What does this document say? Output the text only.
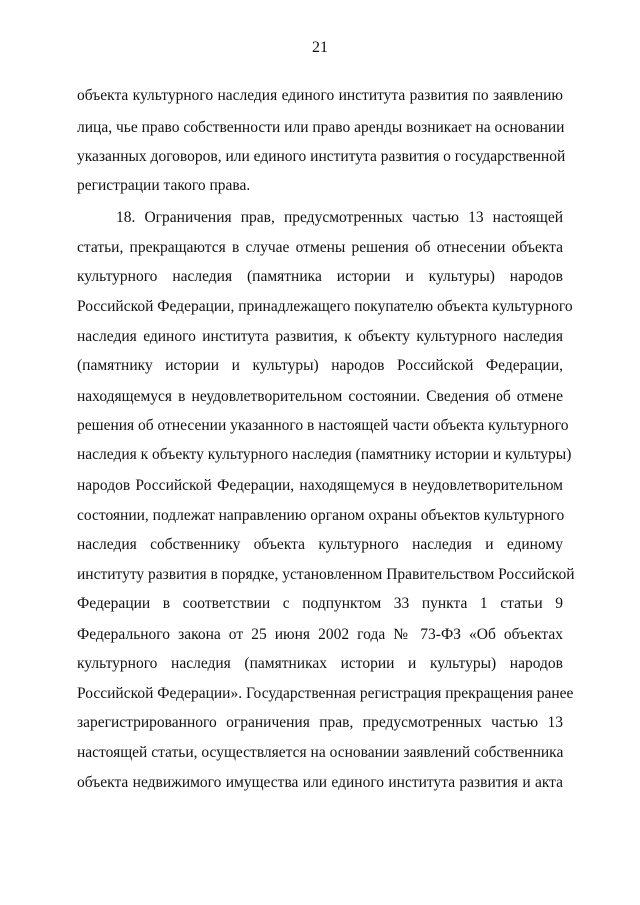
21
объекта культурного наследия единого института развития по заявлению
лица, чье право собственности или право аренды возникает на основании
указанных договоров, или единого института развития о государственной
регистрации такого права.
18. Ограничения прав, предусмотренных частью 13 настоящей
статьи, прекращаются в случае отмены решения об отнесении объекта
культурного наследия (памятника истории и культуры) народов
Российской Федерации, принадлежащего покупателю объекта культурного
наследия единого института развития, к объекту культурного наследия
(памятнику истории и культуры) народов Российской Федерации,
находящемуся в неудовлетворительном состоянии. Сведения об отмене
решения об отнесении указанного в настоящей части объекта культурного
наследия к объекту культурного наследия (памятнику истории и культуры)
народов Российской Федерации, находящемуся в неудовлетворительном
состоянии, подлежат направлению органом охраны объектов культурного
наследия собственнику объекта культурного наследия и единому
институту развития в порядке, установленном Правительством Российской
Федерации в соответствии с подпунктом 33 пункта 1 статьи 9
Федерального закона от 25 июня 2002 года № 73-ФЗ «Об объектах
культурного наследия (памятниках истории и культуры) народов
Российской Федерации». Государственная регистрация прекращения ранее
зарегистрированного ограничения прав, предусмотренных частью 13
настоящей статьи, осуществляется на основании заявлений собственника
объекта недвижимого имущества или единого института развития и акта
